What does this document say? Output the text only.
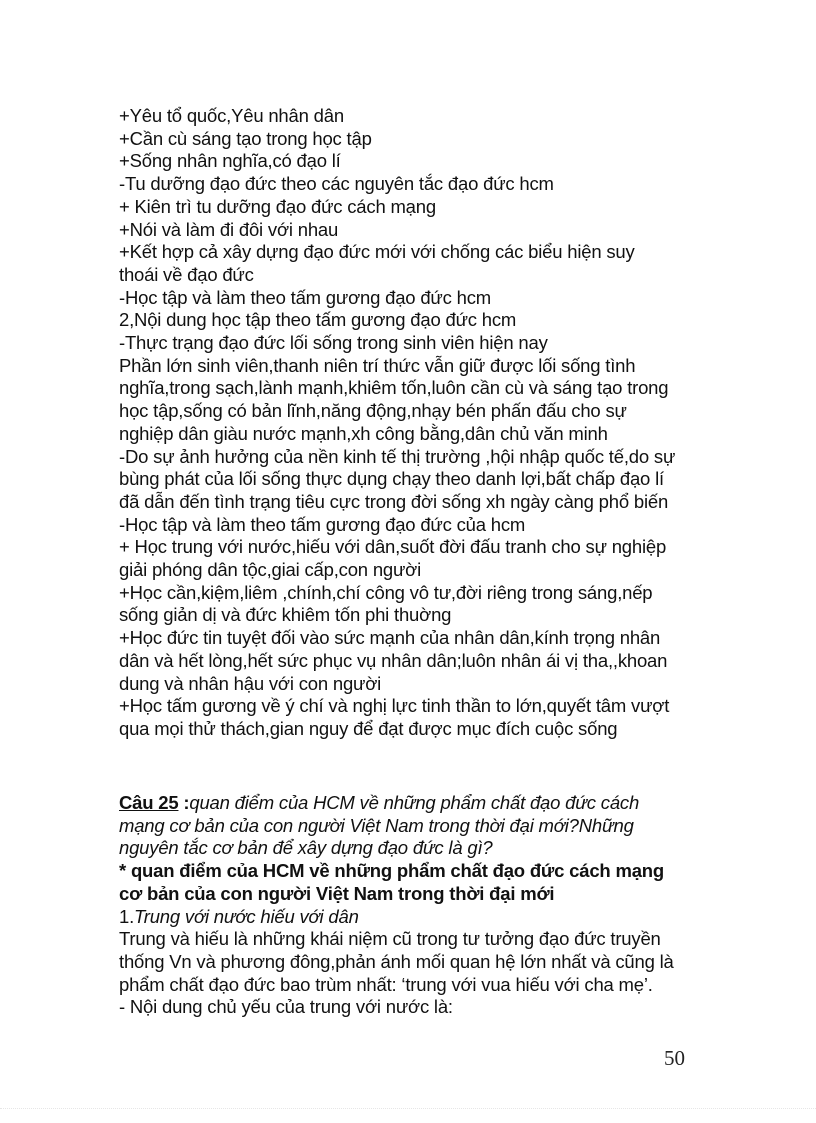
+Yêu tổ quốc,Yêu nhân dân
+Cần cù sáng tạo trong học tập
+Sống nhân nghĩa,có đạo lí
-Tu dưỡng đạo đức theo các nguyên tắc đạo đức hcm
+ Kiên trì tu dưỡng đạo đức cách mạng
+Nói và làm đi đôi với nhau
+Kết hợp cả xây dựng đạo đức mới với chống các biểu hiện suy
thoái về đạo đức
-Học tập và làm theo tấm gương đạo đức hcm
2,Nội dung học tập theo tấm gương đạo đức hcm
-Thực trạng đạo đức lối sống trong sinh viên hiện nay
Phần lớn sinh viên,thanh niên trí thức vẫn giữ được lối sống tình
nghĩa,trong sạch,lành mạnh,khiêm tốn,luôn cần cù và sáng tạo trong
học tập,sống có bản lĩnh,năng động,nhạy bén phấn đấu cho sự
nghiệp dân giàu nước mạnh,xh công bằng,dân chủ văn minh
-Do sự ảnh hưởng của nền kinh tế thị trường ,hội nhập quốc tế,do sự
bùng phát của lối sống thực dụng chạy theo danh lợi,bất chấp đạo lí
đã dẫn đến tình trạng tiêu cực trong đời sống xh ngày càng phổ biến
-Học tập và làm theo tấm gương đạo đức của hcm
+ Học trung với nước,hiếu với dân,suốt đời đấu tranh cho sự nghiệp
giải phóng dân tộc,giai cấp,con người
+Học cần,kiệm,liêm ,chính,chí công vô tư,đời riêng trong sáng,nếp
sống giản dị và đức khiêm tốn phi thuờng
+Học đức tin tuyệt đối vào sức mạnh của nhân dân,kính trọng nhân
dân và hết lòng,hết sức phục vụ nhân dân;luôn nhân ái vị tha,,khoan
dung và nhân hậu với con người
+Học tấm gương về ý chí và nghị lực tinh thần to lớn,quyết tâm vượt
qua mọi thử thách,gian nguy để đạt được mục đích cuộc sống
Câu 25 :quan điểm của HCM về những phẩm chất đạo đức cách
mạng cơ bản của con người Việt Nam trong thời đại mới?Những
nguyên tắc cơ bản để xây dựng đạo đức là gì?
* quan điểm của HCM về những phẩm chất đạo đức cách mạng
cơ bản của con người Việt Nam trong thời đại mới
1.Trung với nước hiếu với dân
Trung và hiếu là những khái niệm cũ trong tư tưởng đạo đức truyền
thống Vn và phương đông,phản ánh mối quan hệ lớn nhất và cũng là
phẩm chất đạo đức bao trùm nhất: ‘trung với vua hiếu với cha mẹ’.
- Nội dung chủ yếu của trung với nước là:
50
